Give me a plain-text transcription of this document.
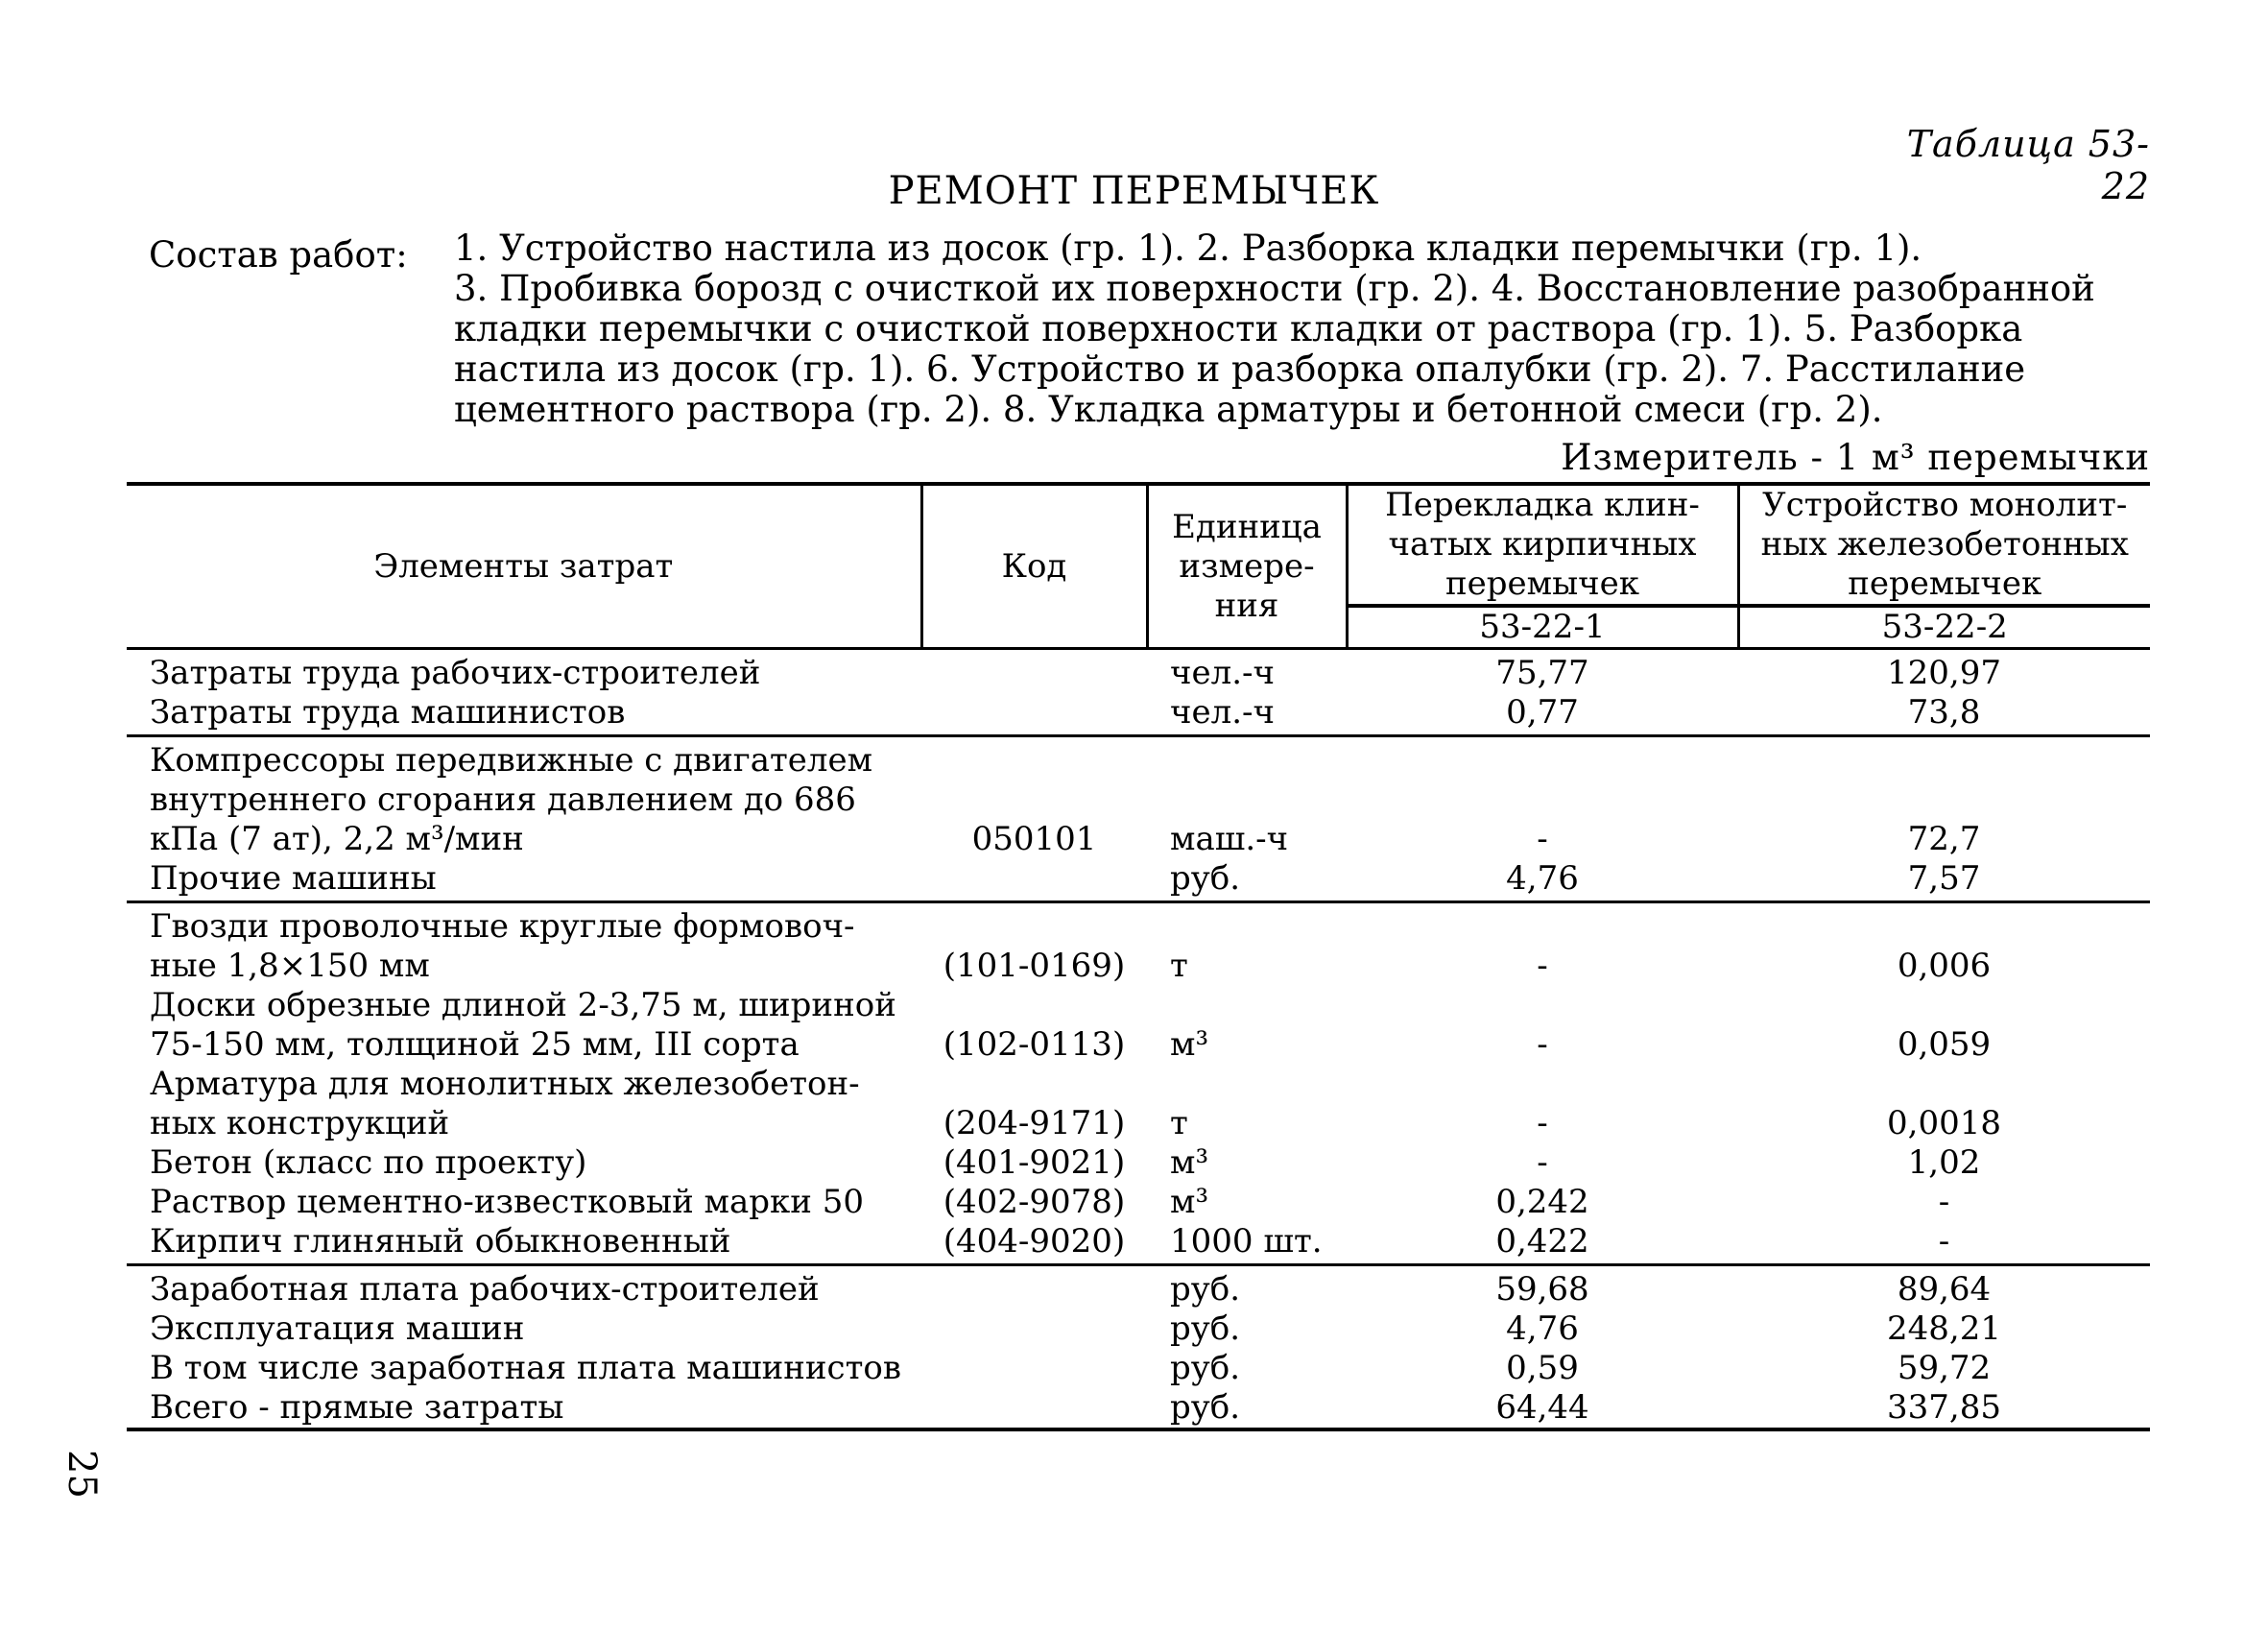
Таблица 53-22
РЕМОНТ ПЕРЕМЫЧЕК
Состав работ: 1. Устройство настила из досок (гр. 1). 2. Разборка кладки перемычки (гр. 1).
3. Пробивка борозд с очисткой их поверхности (гр. 2). 4. Восстановление разобранной
кладки перемычки с очисткой поверхности кладки от раствора (гр. 1). 5. Разборка
настила из досок (гр. 1). 6. Устройство и разборка опалубки (гр. 2). 7. Расстилание
цементного раствора (гр. 2). 8. Укладка арматуры и бетонной смеси (гр. 2).
Измеритель - 1 м³ перемычки
Элементы затрат	Код	Единица измере- ния	Перекладка клин- чатых кирпичных перемычек	Устройство монолит- ных железобетонных перемычек
			53-22-1	53-22-2
Затраты труда рабочих-строителей		чел.-ч	75,77	120,97
Затраты труда машинистов		чел.-ч	0,77	73,8
Компрессоры передвижные с двигателем внутреннего сгорания давлением до 686 кПа (7 ат), 2,2 м³/мин	050101	маш.-ч	-	72,7
Прочие машины		руб.	4,76	7,57
Гвозди проволочные круглые формовоч- ные 1,8×150 мм	(101-0169)	т	-	0,006
Доски обрезные длиной 2-3,75 м, шириной 75-150 мм, толщиной 25 мм, III сорта	(102-0113)	м³	-	0,059
Арматура для монолитных железобетон- ных конструкций	(204-9171)	т	-	0,0018
Бетон (класс по проекту)	(401-9021)	м³	-	1,02
Раствор цементно-известковый марки 50	(402-9078)	м³	0,242	-
Кирпич глиняный обыкновенный	(404-9020)	1000 шт.	0,422	-
Заработная плата рабочих-строителей		руб.	59,68	89,64
Эксплуатация машин		руб.	4,76	248,21
В том числе заработная плата машинистов		руб.	0,59	59,72
Всего - прямые затраты		руб.	64,44	337,85
25
